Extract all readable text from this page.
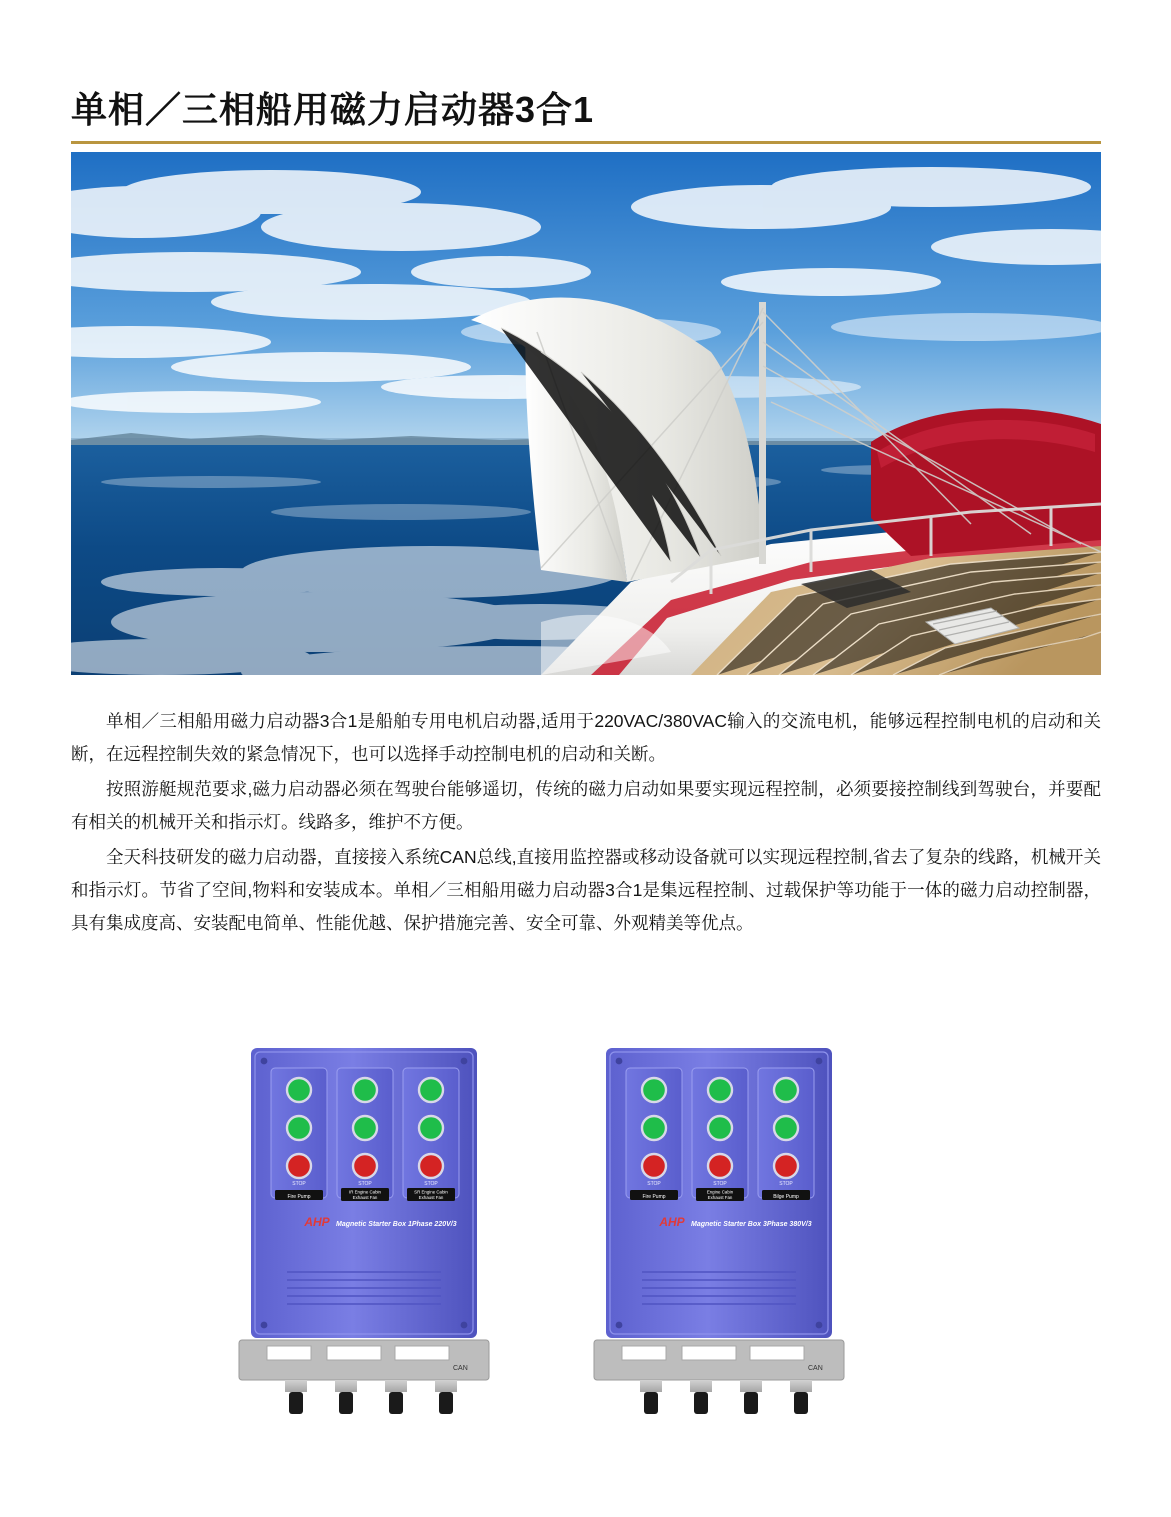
单相／三相船用磁力启动器3合1

单相／三相船用磁力启动器3合1是船舶专用电机启动器,适用于220VAC/380VAC输入的交流电机，能够远程控制电机的启动和关断，在远程控制失效的紧急情况下，也可以选择手动控制电机的启动和关断。

按照游艇规范要求,磁力启动器必须在驾驶台能够遥切，传统的磁力启动如果要实现远程控制，必须要接控制线到驾驶台，并要配有相关的机械开关和指示灯。线路多，维护不方便。

全天科技研发的磁力启动器，直接接入系统CAN总线,直接用监控器或移动设备就可以实现远程控制,省去了复杂的线路，机械开关和指示灯。节省了空间,物料和安装成本。单相／三相船用磁力启动器3合1是集远程控制、过载保护等功能于一体的磁力启动控制器，具有集成度高、安装配电简单、性能优越、保护措施完善、安全可靠、外观精美等优点。

STOP
Fire Pump
STOP
IR Engine Cabin
Exhaust Fan
STOP
SR Engine Cabin
Exhaust Fan
AHP Magnetic Starter Box 1Phase 220V/3
CAN
STOP
Fire Pump
STOP
Engine Cabin
Exhaust Fan
STOP
Bilge Pump
AHP Magnetic Starter Box 3Phase 380V/3
CAN
